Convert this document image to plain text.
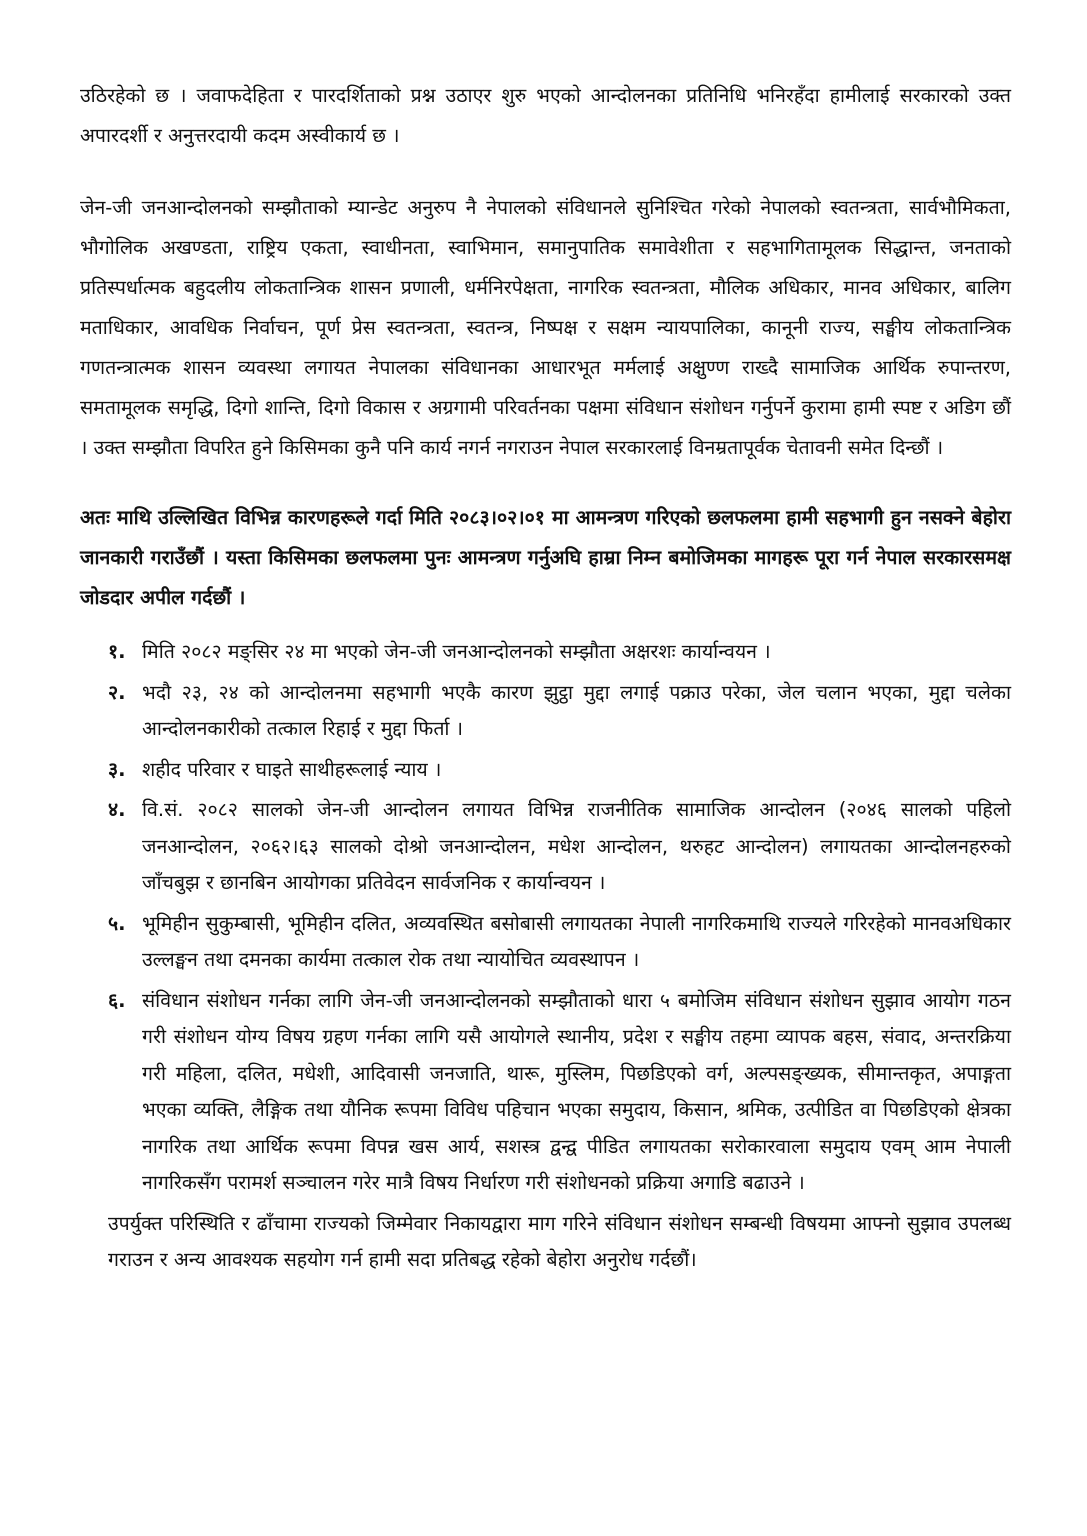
उठिरहेको छ । जवाफदेहिता र पारदर्शिताको प्रश्न उठाएर शुरु भएको आन्दोलनका प्रतिनिधि भनिरहँदा हामीलाई सरकारको उक्त अपारदर्शी र अनुत्तरदायी कदम अस्वीकार्य छ ।

जेन-जी जनआन्दोलनको सम्झौताको म्यान्डेट अनुरुप नै नेपालको संविधानले सुनिश्चित गरेको नेपालको स्वतन्त्रता, सार्वभौमिकता, भौगोलिक अखण्डता, राष्ट्रिय एकता, स्वाधीनता, स्वाभिमान, समानुपातिक समावेशीता र सहभागितामूलक सिद्धान्त, जनताको प्रतिस्पर्धात्मक बहुदलीय लोकतान्त्रिक शासन प्रणाली, धर्मनिरपेक्षता, नागरिक स्वतन्त्रता, मौलिक अधिकार, मानव अधिकार, बालिग मताधिकार, आवधिक निर्वाचन, पूर्ण प्रेस स्वतन्त्रता, स्वतन्त्र, निष्पक्ष र सक्षम न्यायपालिका, कानूनी राज्य, सङ्घीय लोकतान्त्रिक गणतन्त्रात्मक शासन व्यवस्था लगायत नेपालका संविधानका आधारभूत मर्मलाई अक्षुण्ण राख्दै सामाजिक आर्थिक रुपान्तरण, समतामूलक समृद्धि, दिगो शान्ति, दिगो विकास र अग्रगामी परिवर्तनका पक्षमा संविधान संशोधन गर्नुपर्ने कुरामा हामी स्पष्ट र अडिग छौं । उक्त सम्झौता विपरित हुने किसिमका कुनै पनि कार्य नगर्न नगराउन नेपाल सरकारलाई विनम्रतापूर्वक चेतावनी समेत दिन्छौं ।

अतः माथि उल्लिखित विभिन्न कारणहरूले गर्दा मिति २०८३।०२।०१ मा आमन्त्रण गरिएको छलफलमा हामी सहभागी हुन नसक्ने बेहोरा जानकारी गराउँछौं । यस्ता किसिमका छलफलमा पुनः आमन्त्रण गर्नुअघि हाम्रा निम्न बमोजिमका मागहरू पूरा गर्न नेपाल सरकारसमक्ष जोडदार अपील गर्दछौं ।

१. मिति २०८२ मङ्सिर २४ मा भएको जेन-जी जनआन्दोलनको सम्झौता अक्षरशः कार्यान्वयन ।
२. भदौ २३, २४ को आन्दोलनमा सहभागी भएकै कारण झुट्ठा मुद्दा लगाई पक्राउ परेका, जेल चलान भएका, मुद्दा चलेका आन्दोलनकारीको तत्काल रिहाई र मुद्दा फिर्ता ।
३. शहीद परिवार र घाइते साथीहरूलाई न्याय ।
४. वि.सं. २०८२ सालको जेन-जी आन्दोलन लगायत विभिन्न राजनीतिक सामाजिक आन्दोलन (२०४६ सालको पहिलो जनआन्दोलन, २०६२।६३ सालको दोश्रो जनआन्दोलन, मधेश आन्दोलन, थरुहट आन्दोलन) लगायतका आन्दोलनहरुको जाँचबुझ र छानबिन आयोगका प्रतिवेदन सार्वजनिक र कार्यान्वयन ।
५. भूमिहीन सुकुम्बासी, भूमिहीन दलित, अव्यवस्थित बसोबासी लगायतका नेपाली नागरिकमाथि राज्यले गरिरहेको मानवअधिकार उल्लङ्घन तथा दमनका कार्यमा तत्काल रोक तथा न्यायोचित व्यवस्थापन ।
६. संविधान संशोधन गर्नका लागि जेन-जी जनआन्दोलनको सम्झौताको धारा ५ बमोजिम संविधान संशोधन सुझाव आयोग गठन गरी संशोधन योग्य विषय ग्रहण गर्नका लागि यसै आयोगले स्थानीय, प्रदेश र सङ्घीय तहमा व्यापक बहस, संवाद, अन्तरक्रिया गरी महिला, दलित, मधेशी, आदिवासी जनजाति, थारू, मुस्लिम, पिछडिएको वर्ग, अल्पसङ्ख्यक, सीमान्तकृत, अपाङ्गता भएका व्यक्ति, लैङ्गिक तथा यौनिक रूपमा विविध पहिचान भएका समुदाय, किसान, श्रमिक, उत्पीडित वा पिछडिएको क्षेत्रका नागरिक तथा आर्थिक रूपमा विपन्न खस आर्य, सशस्त्र द्वन्द्व पीडित लगायतका सरोकारवाला समुदाय एवम् आम नेपाली नागरिकसँग परामर्श सञ्चालन गरेर मात्रै विषय निर्धारण गरी संशोधनको प्रक्रिया अगाडि बढाउने ।

उपर्युक्त परिस्थिति र ढाँचामा राज्यको जिम्मेवार निकायद्वारा माग गरिने संविधान संशोधन सम्बन्धी विषयमा आफ्नो सुझाव उपलब्ध गराउन र अन्य आवश्यक सहयोग गर्न हामी सदा प्रतिबद्ध रहेको बेहोरा अनुरोध गर्दछौं।
